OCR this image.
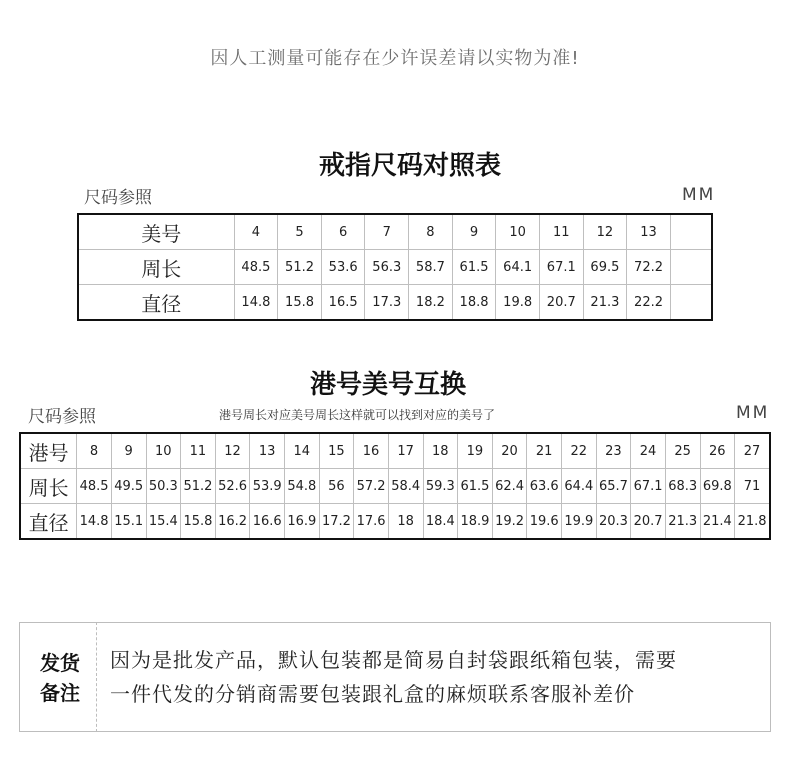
因人工测量可能存在少许误差请以实物为准!
戒指尺码对照表
尺码参照	MM
美号	4	5	6	7	8	9	10	11	12	13	
周长	48.5	51.2	53.6	56.3	58.7	61.5	64.1	67.1	69.5	72.2	
直径	14.8	15.8	16.5	17.3	18.2	18.8	19.8	20.7	21.3	22.2	
港号美号互换
尺码参照	港号周长对应美号周长这样就可以找到对应的美号了	MM
港号	8	9	10	11	12	13	14	15	16	17	18	19	20	21	22	23	24	25	26	27
周长	48.5	49.5	50.3	51.2	52.6	53.9	54.8	56	57.2	58.4	59.3	61.5	62.4	63.6	64.4	65.7	67.1	68.3	69.8	71
直径	14.8	15.1	15.4	15.8	16.2	16.6	16.9	17.2	17.6	18	18.4	18.9	19.2	19.6	19.9	20.3	20.7	21.3	21.4	21.8
发货
备注
因为是批发产品，默认包装都是简易自封袋跟纸箱包装，需要
一件代发的分销商需要包装跟礼盒的麻烦联系客服补差价
